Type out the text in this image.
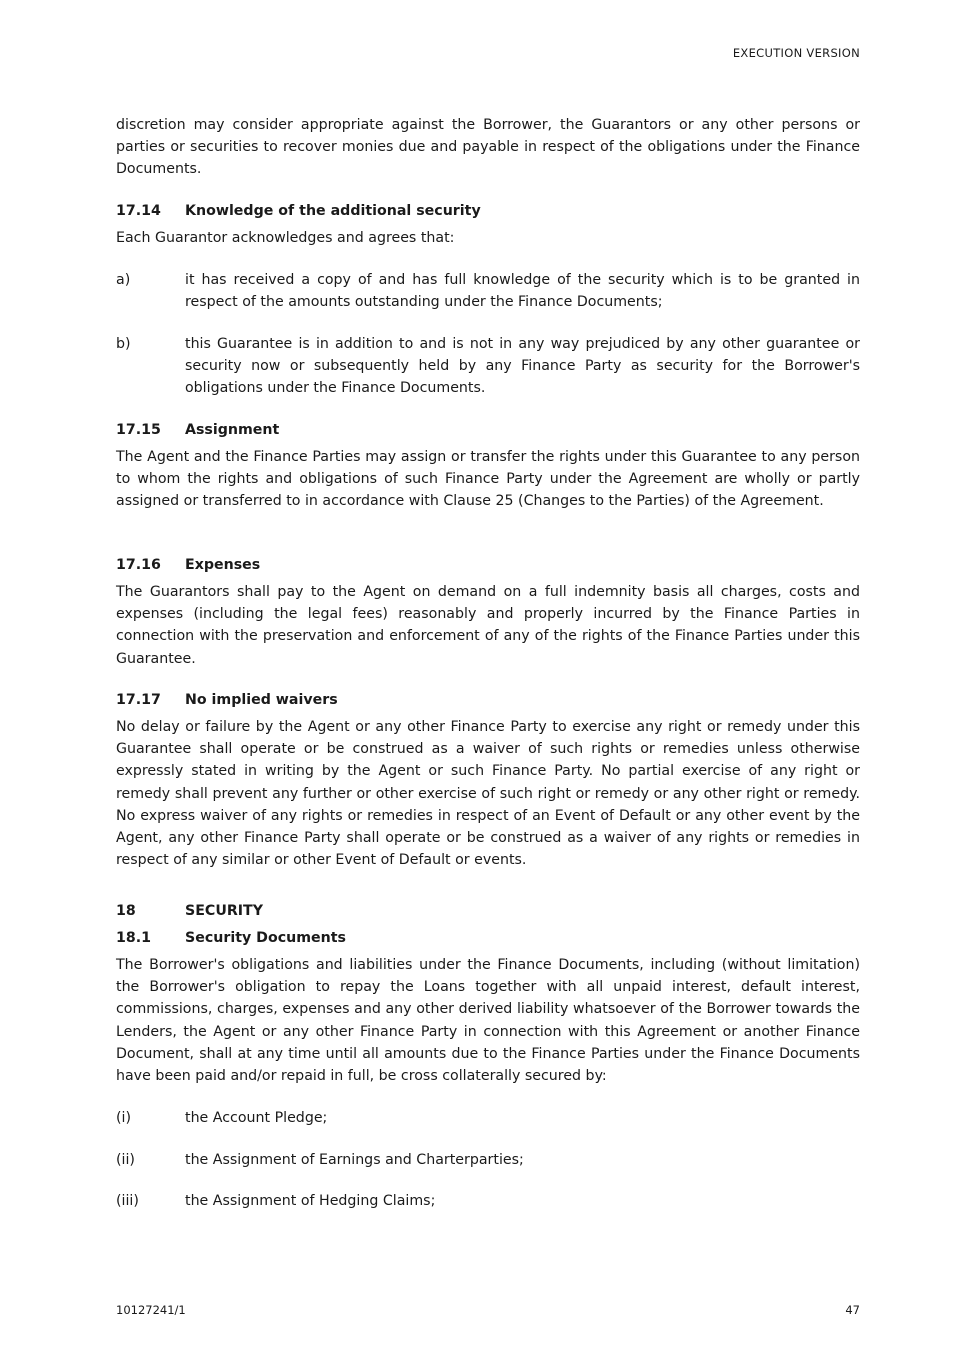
EXECUTION VERSION

discretion may consider appropriate against the Borrower, the Guarantors or any other persons or parties or securities to recover monies due and payable in respect of the obligations under the Finance Documents.

17.14	Knowledge of the additional security

Each Guarantor acknowledges and agrees that:

a)	it has received a copy of and has full knowledge of the security which is to be granted in respect of the amounts outstanding under the Finance Documents;
b)	this Guarantee is in addition to and is not in any way prejudiced by any other guarantee or security now or subsequently held by any Finance Party as security for the Borrower's obligations under the Finance Documents.
17.15	Assignment

The Agent and the Finance Parties may assign or transfer the rights under this Guarantee to any person to whom the rights and obligations of such Finance Party under the Agreement are wholly or partly assigned or transferred to in accordance with Clause 25 (Changes to the Parties) of the Agreement.

17.16	Expenses

The Guarantors shall pay to the Agent on demand on a full indemnity basis all charges, costs and expenses (including the legal fees) reasonably and properly incurred by the Finance Parties in connection with the preservation and enforcement of any of the rights of the Finance Parties under this Guarantee.

17.17	No implied waivers

No delay or failure by the Agent or any other Finance Party to exercise any right or remedy under this Guarantee shall operate or be construed as a waiver of such rights or remedies unless otherwise expressly stated in writing by the Agent or such Finance Party. No partial exercise of any right or remedy shall prevent any further or other exercise of such right or remedy or any other right or remedy. No express waiver of any rights or remedies in respect of an Event of Default or any other event by the Agent, any other Finance Party shall operate or be construed as a waiver of any rights or remedies in respect of any similar or other Event of Default or events.

18	SECURITY
18.1	Security Documents

The Borrower's obligations and liabilities under the Finance Documents, including (without limitation) the Borrower's obligation to repay the Loans together with all unpaid interest, default interest, commissions, charges, expenses and any other derived liability whatsoever of the Borrower towards the Lenders, the Agent or any other Finance Party in connection with this Agreement or another Finance Document, shall at any time until all amounts due to the Finance Parties under the Finance Documents have been paid and/or repaid in full, be cross collaterally secured by:

(i)	the Account Pledge;
(ii)	the Assignment of Earnings and Charterparties;
(iii)	the Assignment of Hedging Claims;
10127241/1	47
